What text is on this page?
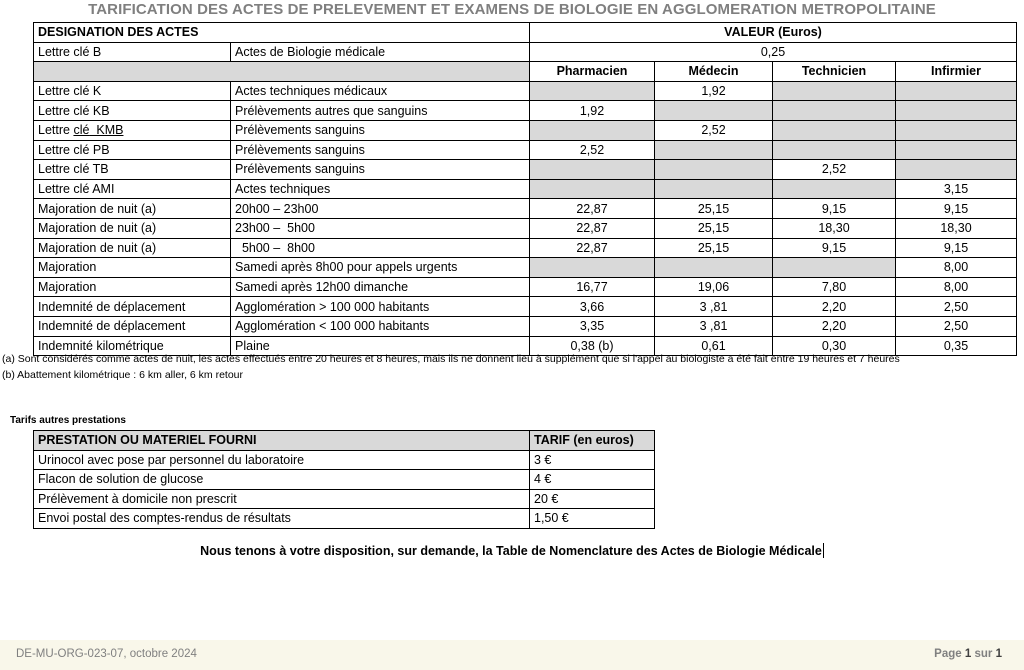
TARIFICATION DES ACTES DE PRELEVEMENT ET EXAMENS DE BIOLOGIE EN AGGLOMERATION METROPOLITAINE
DESIGNATION DES ACTES		VALEUR (Euros)			
Lettre clé B	Actes de Biologie médicale	0,25			
		Pharmacien	Médecin	Technicien	Infirmier
Lettre clé K	Actes techniques médicaux		1,92		
Lettre clé KB	Prélèvements autres que sanguins	1,92			
Lettre clé  KMB	Prélèvements sanguins		2,52		
Lettre clé PB	Prélèvements sanguins	2,52			
Lettre clé TB	Prélèvements sanguins			2,52	
Lettre clé AMI	Actes techniques				3,15
Majoration de nuit (a)	20h00 – 23h00	22,87	25,15	9,15	9,15
Majoration de nuit (a)	23h00 –  5h00	22,87	25,15	18,30	18,30
Majoration de nuit (a)	5h00 –  8h00	22,87	25,15	9,15	9,15
Majoration	Samedi après 8h00 pour appels urgents				8,00
Majoration	Samedi après 12h00 dimanche	16,77	19,06	7,80	8,00
Indemnité de déplacement	Agglomération > 100 000 habitants	3,66	3 ,81	2,20	2,50
Indemnité de déplacement	Agglomération < 100 000 habitants	3,35	3 ,81	2,20	2,50
Indemnité kilométrique	Plaine	0,38 (b)	0,61	0,30	0,35
(a) Sont considérés comme actes de nuit, les actes effectués entre 20 heures et 8 heures, mais ils ne donnent lieu à supplément que si l'appel au biologiste a été fait entre 19 heures et 7 heures
(b) Abattement kilométrique : 6 km aller, 6 km retour
Tarifs autres prestations
PRESTATION OU MATERIEL FOURNI	TARIF (en euros)
Urinocol avec pose par personnel du laboratoire	3 €
Flacon de solution de glucose	4 €
Prélèvement à domicile non prescrit	20 €
Envoi postal des comptes-rendus de résultats	1,50 €
Nous tenons à votre disposition, sur demande, la Table de Nomenclature des Actes de Biologie Médicale
DE-MU-ORG-023-07, octobre 2024	Page 1 sur 1
